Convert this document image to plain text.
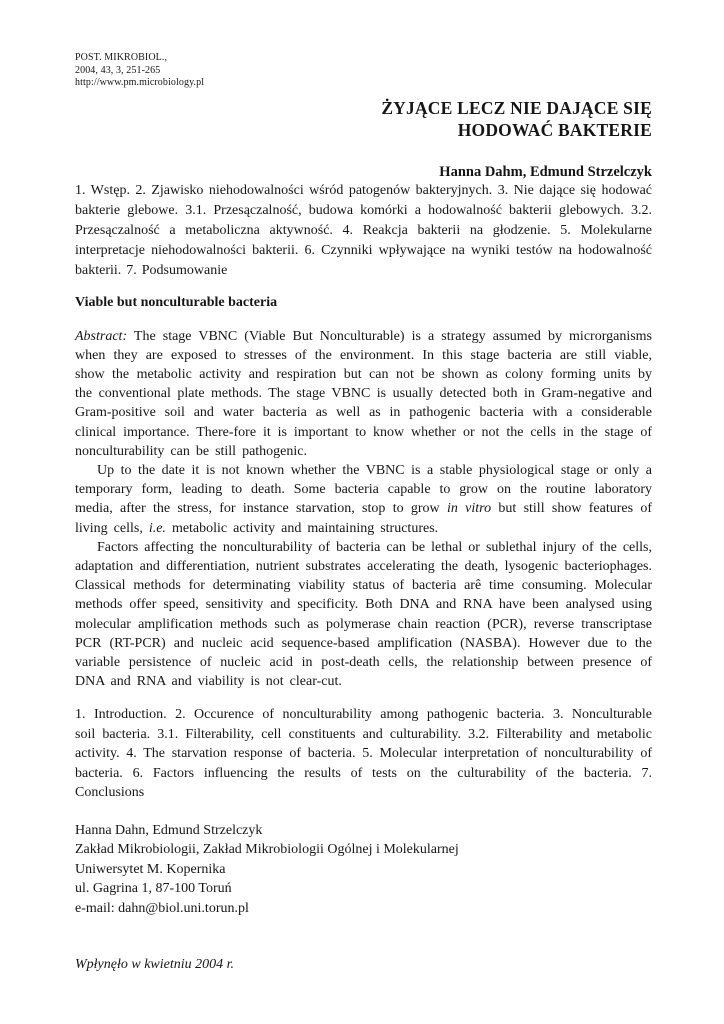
POST. MIKROBIOL.,
2004, 43, 3, 251-265
http://www.pm.microbiology.pl
ŻYJĄCE LECZ NIE DAJĄCE SIĘ
HODOWAĆ BAKTERIE
Hanna Dahm, Edmund Strzelczyk

1. Wstęp. 2. Zjawisko niehodowalności wśród patogenów bakteryjnych. 3. Nie dające się hodować bakterie glebowe. 3.1. Przesączalność, budowa komórki a hodowalność bakterii glebowych. 3.2. Przesączalność a metaboliczna aktywność. 4. Reakcja bakterii na głodzenie. 5. Molekularne interpretacje niehodowalności bakterii. 6. Czynniki wpływające na wyniki testów na hodowalność bakterii. 7. Podsumowanie

Viable but nonculturable bacteria

Abstract: The stage VBNC (Viable But Nonculturable) is a strategy assumed by microrganisms when they are exposed to stresses of the environment. In this stage bacteria are still viable, show the metabolic activity and respiration but can not be shown as colony forming units by the conventional plate methods. The stage VBNC is usually detected both in Gram-negative and Gram-positive soil and water bacteria as well as in pathogenic bacteria with a considerable clinical importance. There-fore it is important to know whether or not the cells in the stage of nonculturability can be still pathogenic.

Up to the date it is not known whether the VBNC is a stable physiological stage or only a temporary form, leading to death. Some bacteria capable to grow on the routine laboratory media, after the stress, for instance starvation, stop to grow in vitro but still show features of living cells, i.e. metabolic activity and maintaining structures.

Factors affecting the nonculturability of bacteria can be lethal or sublethal injury of the cells, adaptation and differentiation, nutrient substrates accelerating the death, lysogenic bacteriophages. Classical methods for determinating viability status of bacteria arê time consuming. Molecular methods offer speed, sensitivity and specificity. Both DNA and RNA have been analysed using molecular amplification methods such as polymerase chain reaction (PCR), reverse transcriptase PCR (RT-PCR) and nucleic acid sequence-based amplification (NASBA). However due to the variable persistence of nucleic acid in post-death cells, the relationship between presence of DNA and RNA and viability is not clear-cut.

1. Introduction. 2. Occurence of nonculturability among pathogenic bacteria. 3. Nonculturable soil bacteria. 3.1. Filterability, cell constituents and culturability. 3.2. Filterability and metabolic activity. 4. The starvation response of bacteria. 5. Molecular interpretation of nonculturability of bacteria. 6. Factors influencing the results of tests on the culturability of the bacteria. 7. Conclusions

Hanna Dahn, Edmund Strzelczyk
Zakład Mikrobiologii, Zakład Mikrobiologii Ogólnej i Molekularnej
Uniwersytet M. Kopernika
ul. Gagrina 1, 87-100 Toruń
e-mail: dahn@biol.uni.torun.pl
Wpłynęło w kwietniu 2004 r.
